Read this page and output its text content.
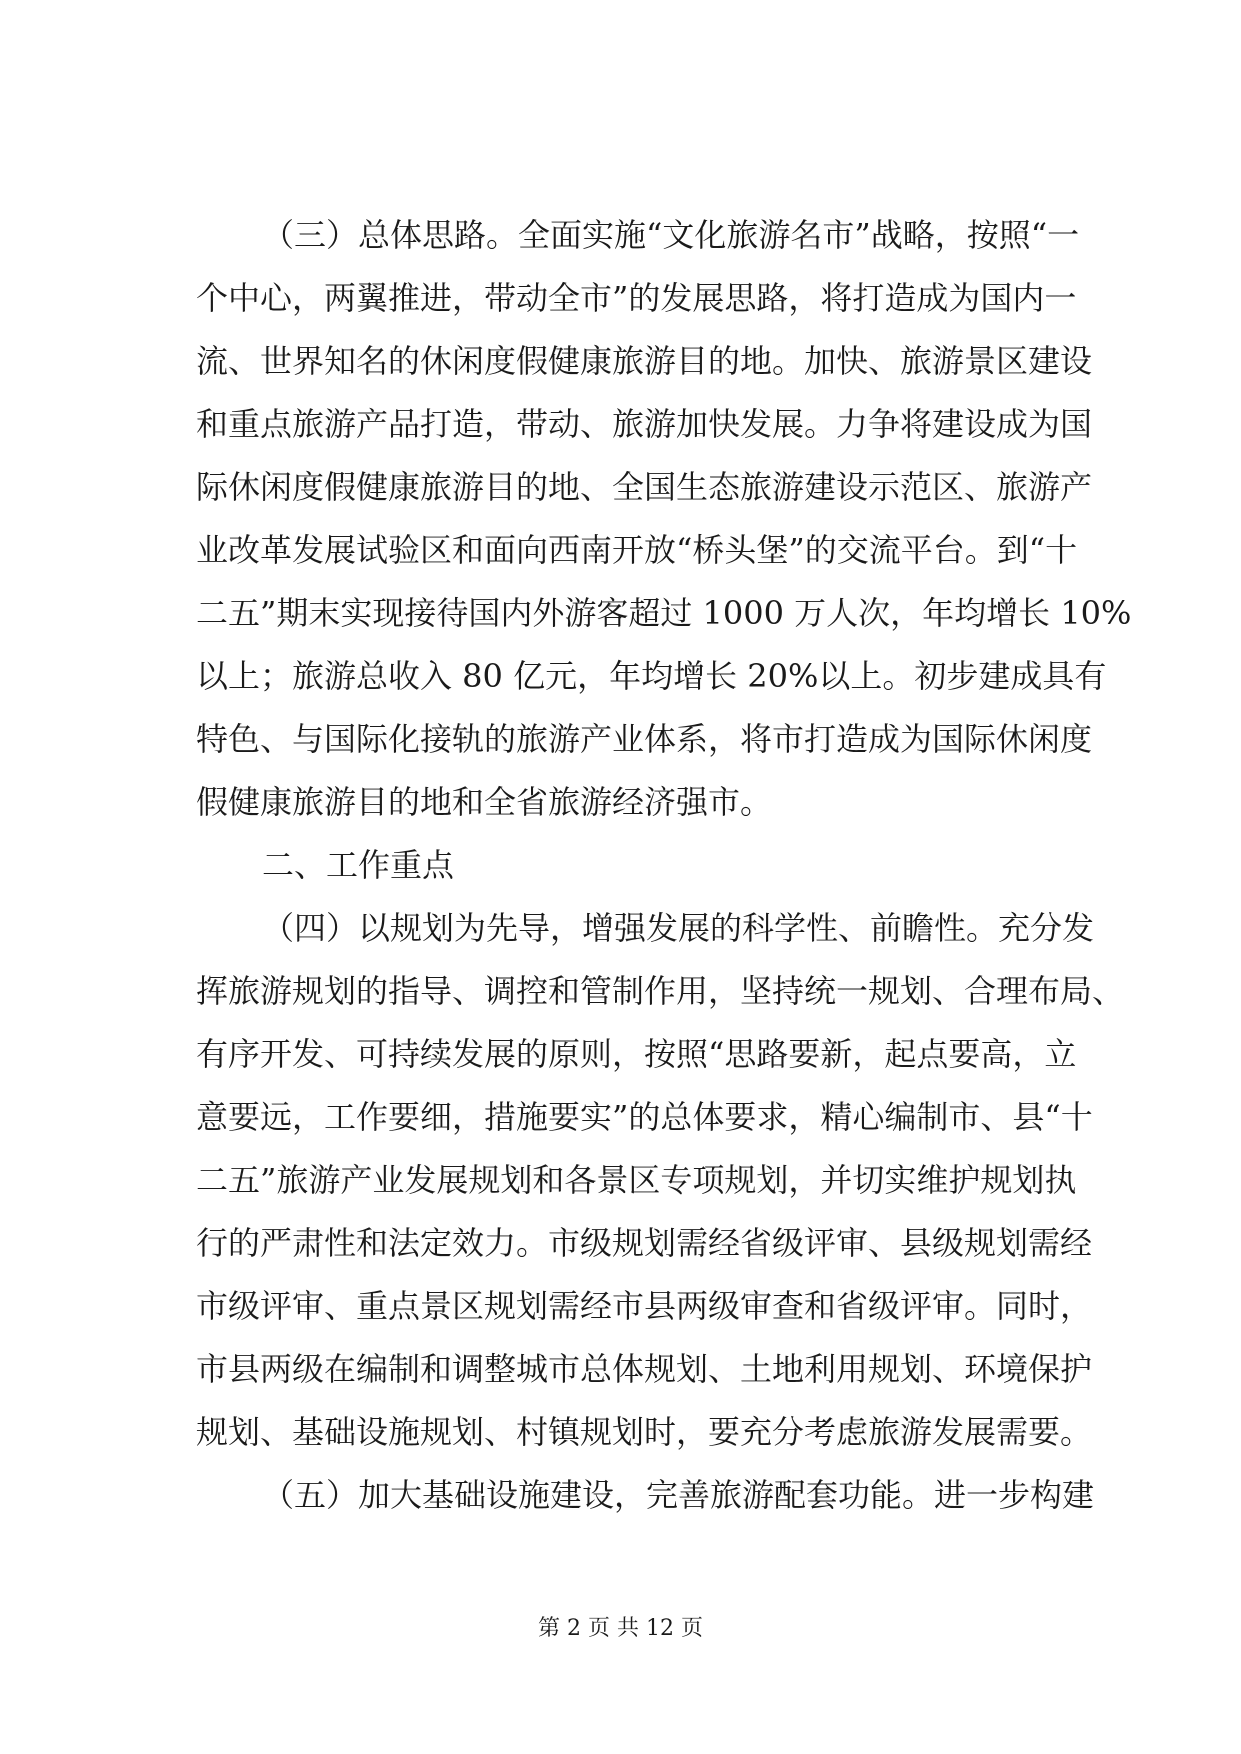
（三）总体思路。全面实施“文化旅游名市”战略，按照“一
个中心，两翼推进，带动全市”的发展思路，将打造成为国内一
流、世界知名的休闲度假健康旅游目的地。加快、旅游景区建设
和重点旅游产品打造，带动、旅游加快发展。力争将建设成为国
际休闲度假健康旅游目的地、全国生态旅游建设示范区、旅游产
业改革发展试验区和面向西南开放“桥头堡”的交流平台。到“十
二五”期末实现接待国内外游客超过 1000 万人次，年均增长 10%
以上；旅游总收入 80 亿元，年均增长 20%以上。初步建成具有
特色、与国际化接轨的旅游产业体系，将市打造成为国际休闲度
假健康旅游目的地和全省旅游经济强市。
二、工作重点
（四）以规划为先导，增强发展的科学性、前瞻性。充分发
挥旅游规划的指导、调控和管制作用，坚持统一规划、合理布局、
有序开发、可持续发展的原则，按照“思路要新，起点要高，立
意要远，工作要细，措施要实”的总体要求，精心编制市、县“十
二五”旅游产业发展规划和各景区专项规划，并切实维护规划执
行的严肃性和法定效力。市级规划需经省级评审、县级规划需经
市级评审、重点景区规划需经市县两级审查和省级评审。同时，
市县两级在编制和调整城市总体规划、土地利用规划、环境保护
规划、基础设施规划、村镇规划时，要充分考虑旅游发展需要。
（五）加大基础设施建设，完善旅游配套功能。进一步构建
第 2 页 共 12 页
